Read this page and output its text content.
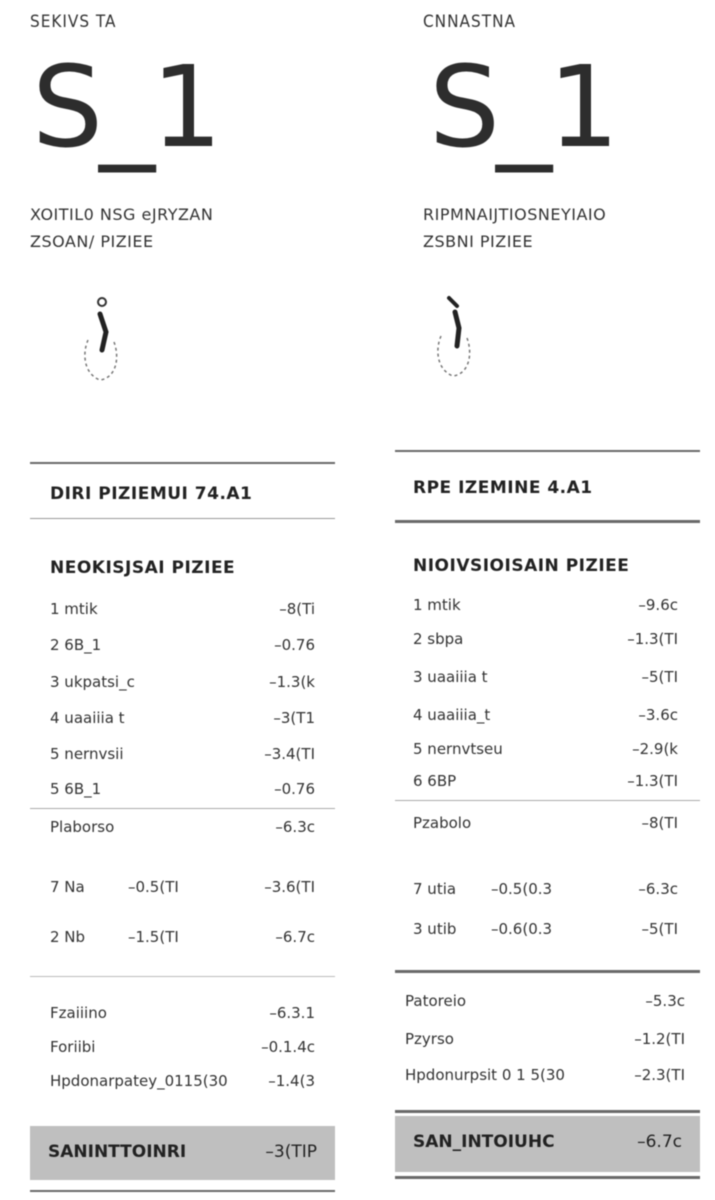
SEKIVS TA
S_1
XOITIL0 NSG eJRYZAN
ZSOAN/ PIZIEE
DIRI PIZIEMUI 74.A1
NEOKISJSAI PIZIEE
1 mtik	–8(Ti
2 6B_1	–0.76
3 ukpatsi_c	–1.3(k
4 uaaiiia t	–3(T1
5 nernvsii	–3.4(TI
5 6B_1	–0.76
Plaborso	–6.3c
7 Na	–0.5(TI	–3.6(TI
2 Nb	–1.5(TI	–6.7c
Fzaiiino	–6.3.1
Foriibi	–0.1.4c
Hpdonarpatey_0115(30	–1.4(3
SANINTTOINRI	–3(TIP
CNNASTNA
S_1
RIPMNAIJTIOSNEYIAIO
ZSBNI PIZIEE
RPE IZEMINE 4.A1
NIOIVSIOISAIN PIZIEE
1 mtik	–9.6c
2 sbpa	–1.3(TI
3 uaaiiia t	–5(TI
4 uaaiiia_t	–3.6c
5 nernvtseu	–2.9(k
6 6BP	–1.3(TI
Pzabolo	–8(TI
7 utia –0.5(0.3	–6.3c
3 utib –0.6(0.3	–5(TI
Patoreio	–5.3c
Pzyrso	–1.2(TI
Hpdonurpsit 0 1 5(30	–2.3(TI
SAN_INTOIUHC	–6.7c
